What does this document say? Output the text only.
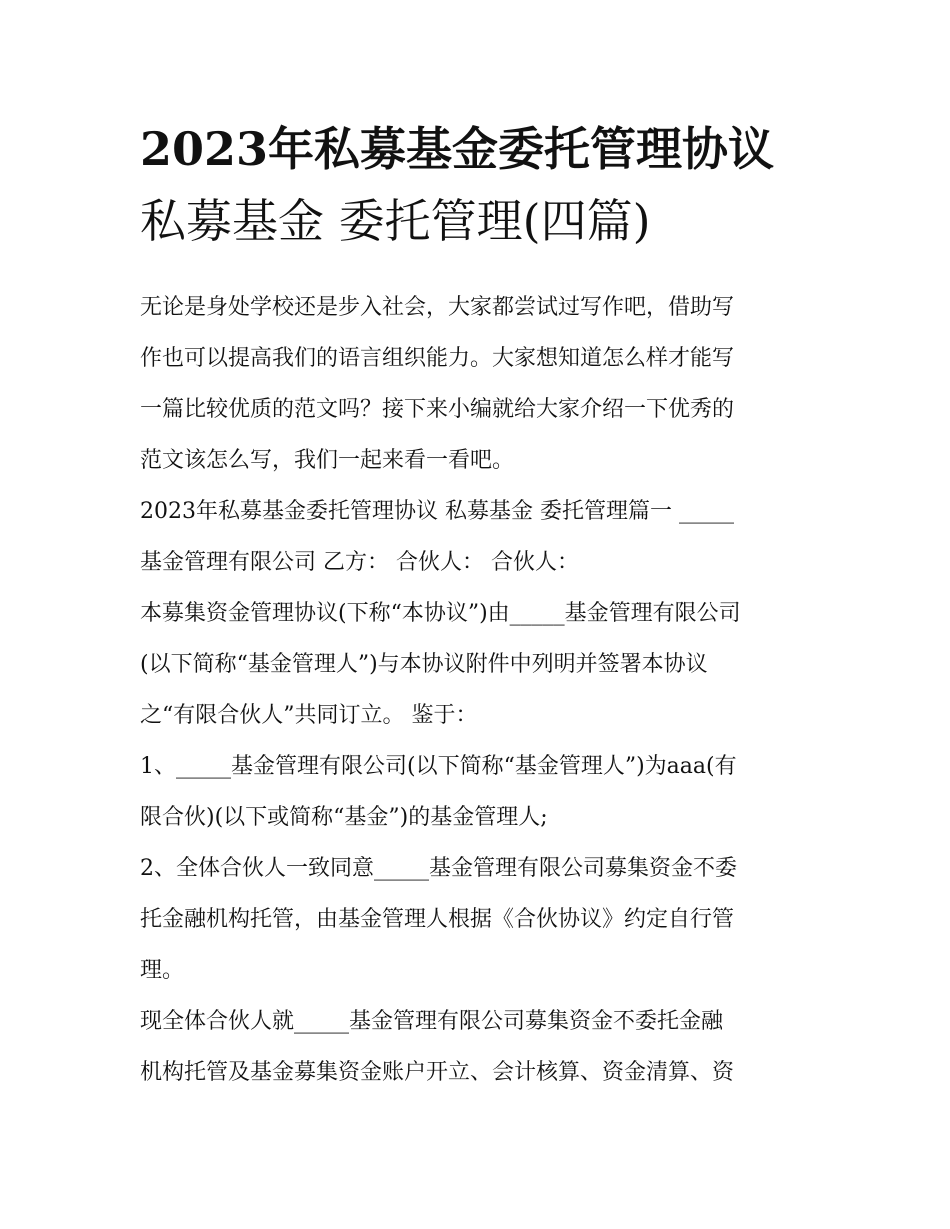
2023年私募基金委托管理协议
私募基金 委托管理(四篇)
无论是身处学校还是步入社会，大家都尝试过写作吧，借助写
作也可以提高我们的语言组织能力。大家想知道怎么样才能写
一篇比较优质的范文吗？接下来小编就给大家介绍一下优秀的
范文该怎么写，我们一起来看一看吧。
2023年私募基金委托管理协议 私募基金 委托管理篇一 _____
基金管理有限公司 乙方： 合伙人： 合伙人：
本募集资金管理协议(下称“本协议”)由_____基金管理有限公司
(以下简称“基金管理人”)与本协议附件中列明并签署本协议
之“有限合伙人”共同订立。 鉴于：
1、_____基金管理有限公司(以下简称“基金管理人”)为aaa(有
限合伙)(以下或简称“基金”)的基金管理人;
2、全体合伙人一致同意_____基金管理有限公司募集资金不委
托金融机构托管，由基金管理人根据《合伙协议》约定自行管
理。
现全体合伙人就_____基金管理有限公司募集资金不委托金融
机构托管及基金募集资金账户开立、会计核算、资金清算、资
